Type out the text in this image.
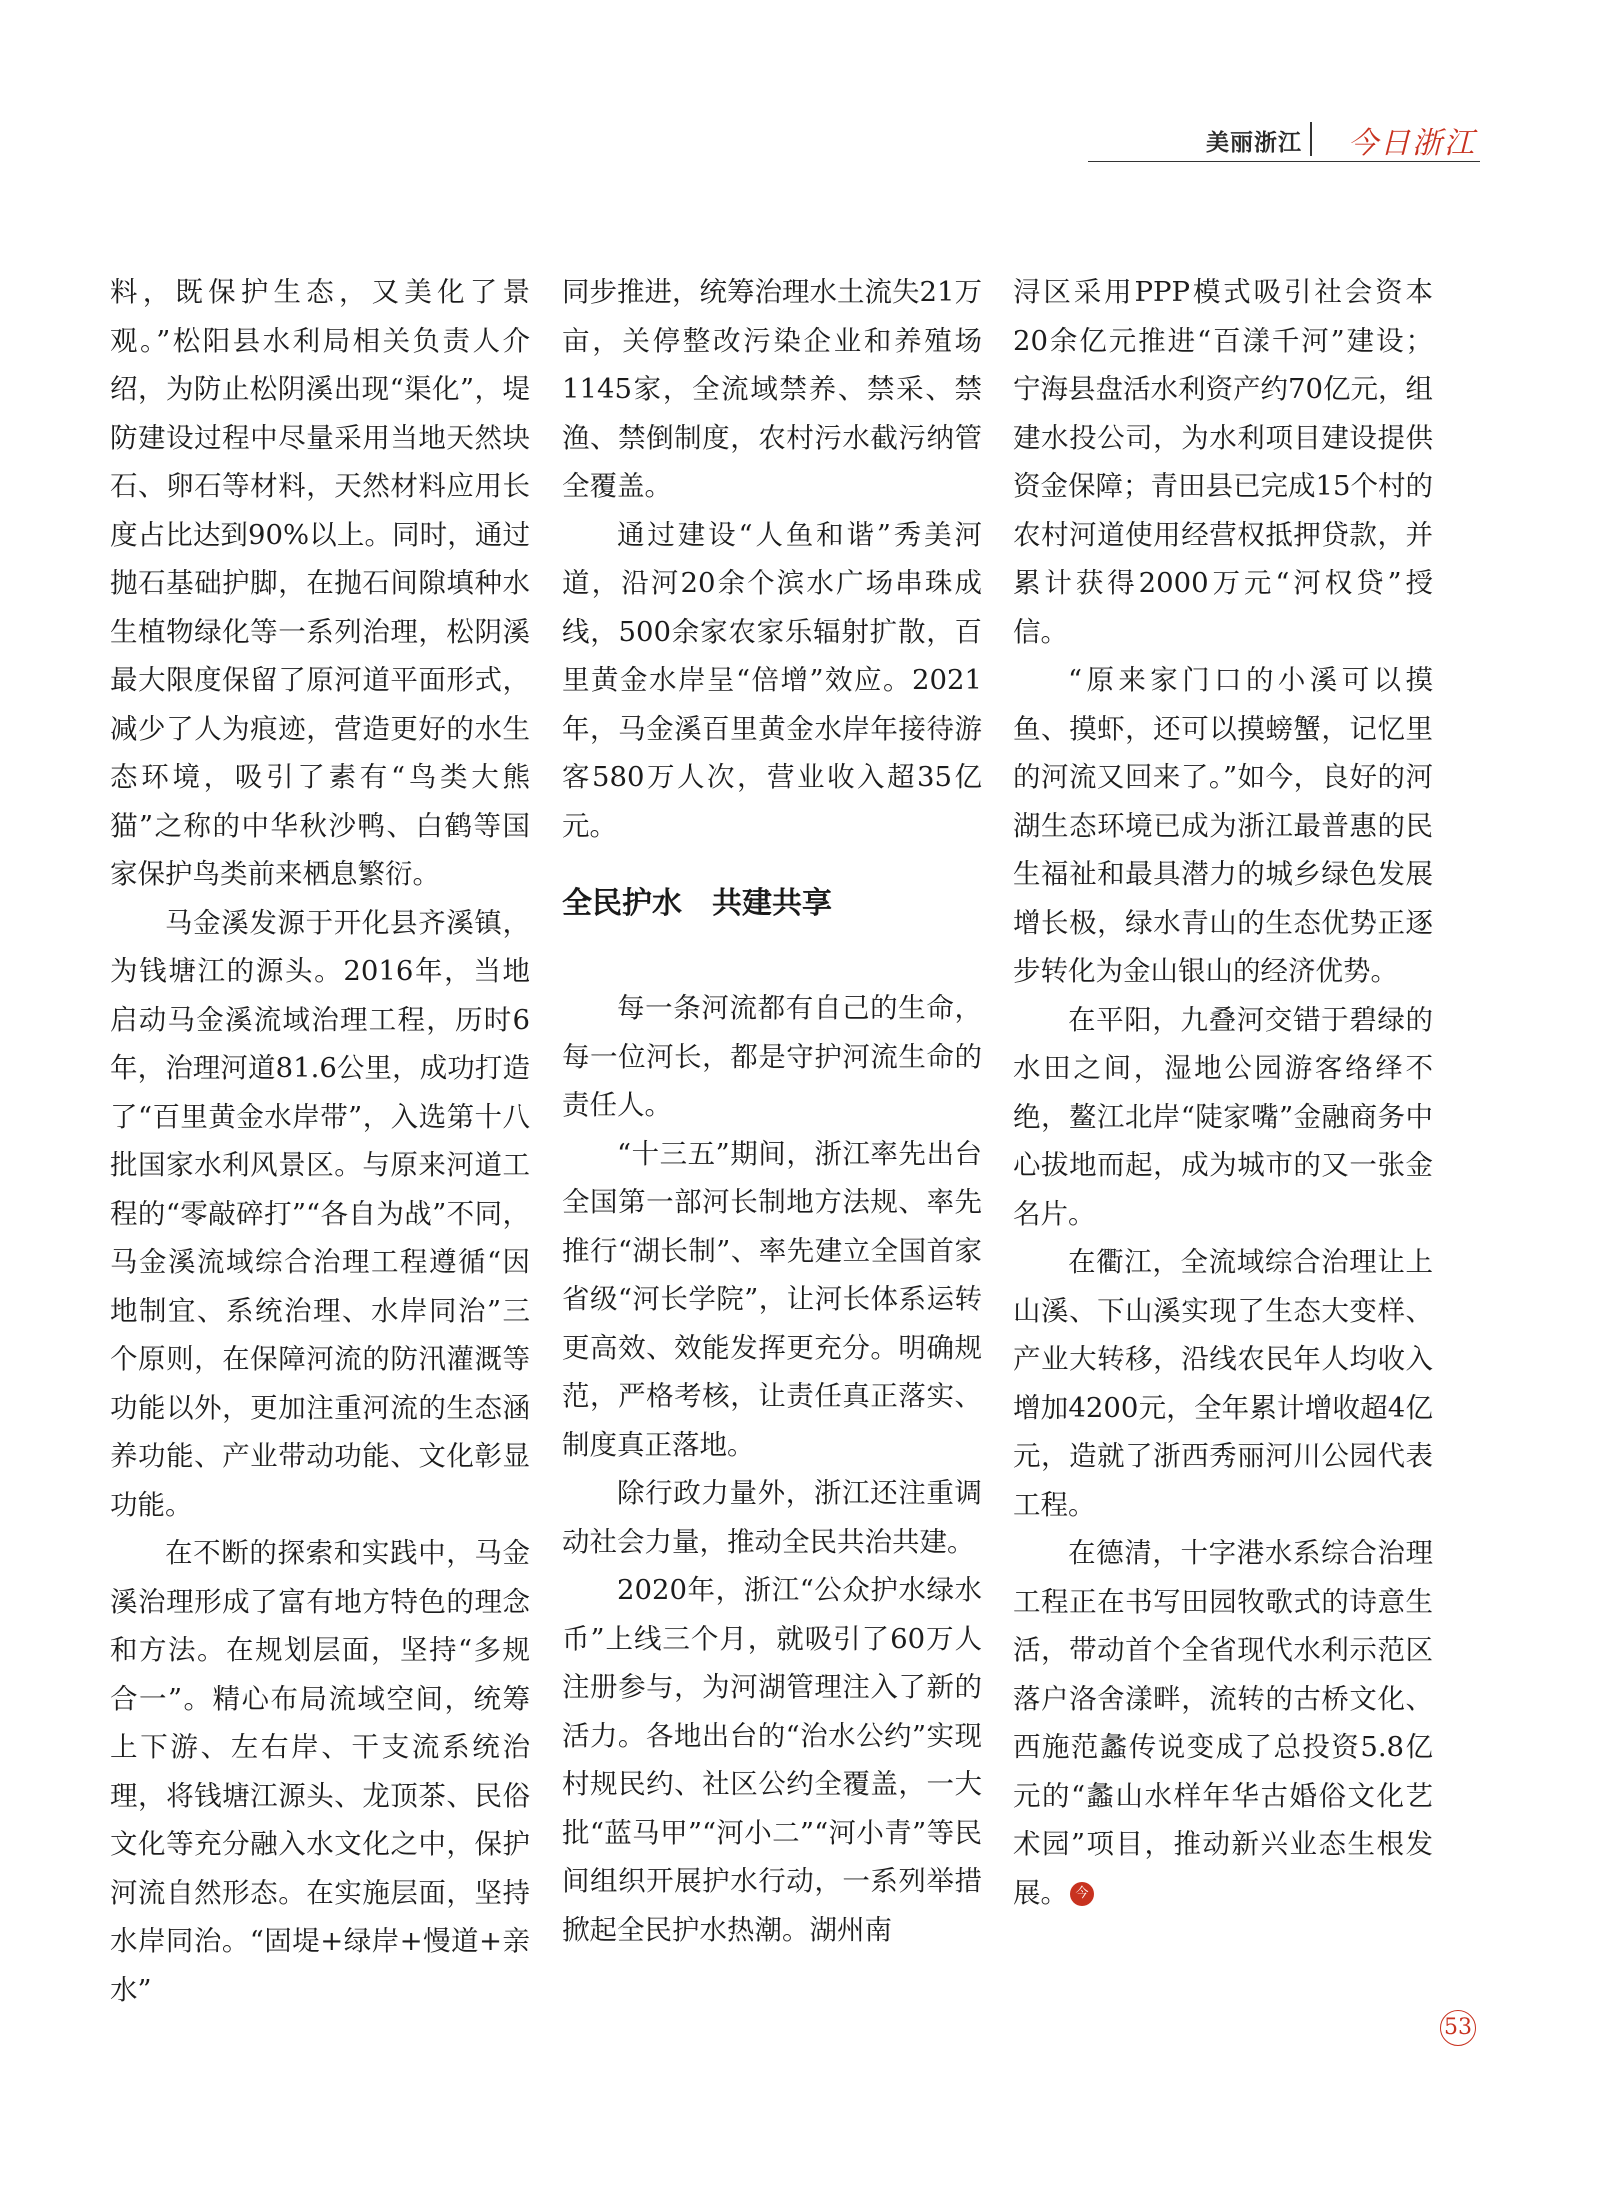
美丽浙江 今日浙江

料，既保护生态，又美化了景观。”松阳县水利局相关负责人介绍，为防止松阴溪出现“渠化”，堤防建设过程中尽量采用当地天然块石、卵石等材料，天然材料应用长度占比达到90%以上。同时，通过抛石基础护脚，在抛石间隙填种水生植物绿化等一系列治理，松阴溪最大限度保留了原河道平面形式，减少了人为痕迹，营造更好的水生态环境，吸引了素有“鸟类大熊猫”之称的中华秋沙鸭、白鹤等国家保护鸟类前来栖息繁衍。

马金溪发源于开化县齐溪镇，为钱塘江的源头。2016年，当地启动马金溪流域治理工程，历时6年，治理河道81.6公里，成功打造了“百里黄金水岸带”，入选第十八批国家水利风景区。与原来河道工程的“零敲碎打”“各自为战”不同，马金溪流域综合治理工程遵循“因地制宜、系统治理、水岸同治”三个原则，在保障河流的防汛灌溉等功能以外，更加注重河流的生态涵养功能、产业带动功能、文化彰显功能。

在不断的探索和实践中，马金溪治理形成了富有地方特色的理念和方法。在规划层面，坚持“多规合一”。精心布局流域空间，统筹上下游、左右岸、干支流系统治理，将钱塘江源头、龙顶茶、民俗文化等充分融入水文化之中，保护河流自然形态。在实施层面，坚持水岸同治。“固堤+绿岸+慢道+亲水”

同步推进，统筹治理水土流失21万亩，关停整改污染企业和养殖场1145家，全流域禁养、禁采、禁渔、禁倒制度，农村污水截污纳管全覆盖。

通过建设“人鱼和谐”秀美河道，沿河20余个滨水广场串珠成线，500余家农家乐辐射扩散，百里黄金水岸呈“倍增”效应。2021年，马金溪百里黄金水岸年接待游客580万人次，营业收入超35亿元。

全民护水　共建共享

每一条河流都有自己的生命，每一位河长，都是守护河流生命的责任人。

“十三五”期间，浙江率先出台全国第一部河长制地方法规、率先推行“湖长制”、率先建立全国首家省级“河长学院”，让河长体系运转更高效、效能发挥更充分。明确规范，严格考核，让责任真正落实、制度真正落地。

除行政力量外，浙江还注重调动社会力量，推动全民共治共建。

2020年，浙江“公众护水绿水币”上线三个月，就吸引了60万人注册参与，为河湖管理注入了新的活力。各地出台的“治水公约”实现村规民约、社区公约全覆盖，一大批“蓝马甲”“河小二”“河小青”等民间组织开展护水行动，一系列举措掀起全民护水热潮。湖州南

浔区采用PPP模式吸引社会资本20余亿元推进“百漾千河”建设；宁海县盘活水利资产约70亿元，组建水投公司，为水利项目建设提供资金保障；青田县已完成15个村的农村河道使用经营权抵押贷款，并累计获得2000万元“河权贷”授信。

“原来家门口的小溪可以摸鱼、摸虾，还可以摸螃蟹，记忆里的河流又回来了。”如今，良好的河湖生态环境已成为浙江最普惠的民生福祉和最具潜力的城乡绿色发展增长极，绿水青山的生态优势正逐步转化为金山银山的经济优势。

在平阳，九叠河交错于碧绿的水田之间，湿地公园游客络绎不绝，鳌江北岸“陡家嘴”金融商务中心拔地而起，成为城市的又一张金名片。

在衢江，全流域综合治理让上山溪、下山溪实现了生态大变样、产业大转移，沿线农民年人均收入增加4200元，全年累计增收超4亿元，造就了浙西秀丽河川公园代表工程。

在德清，十字港水系综合治理工程正在书写田园牧歌式的诗意生活，带动首个全省现代水利示范区落户洛舍漾畔，流转的古桥文化、西施范蠡传说变成了总投资5.8亿元的“蠡山水样年华古婚俗文化艺术园”项目，推动新兴业态生根发展。 今

53
